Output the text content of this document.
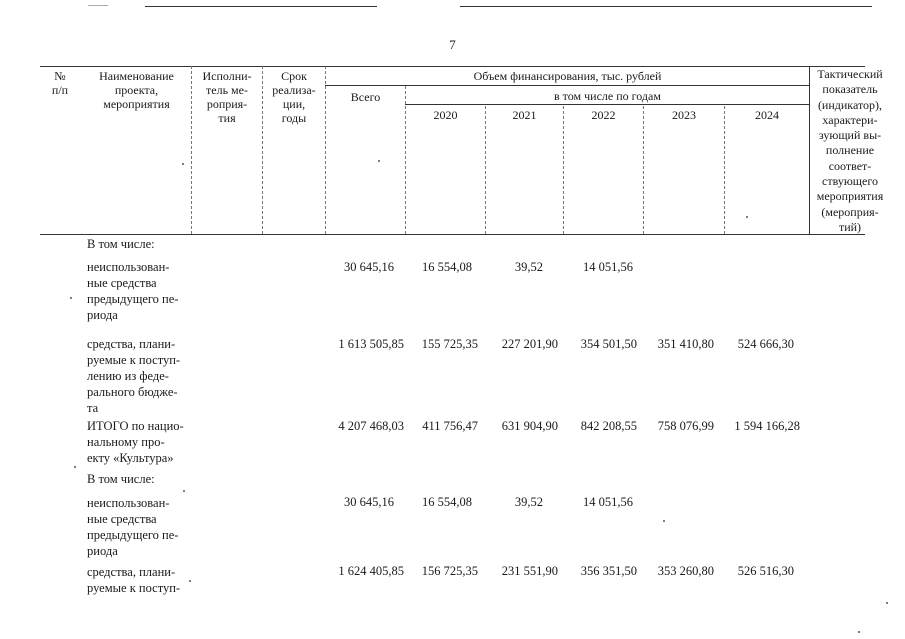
7
№
п/п
Наименование
проекта,
мероприятия
Исполни-
тель ме-
роприя-
тия
Срок
реализа-
ции,
годы
Объем финансирования, тыс. рублей
Всего	в том числе по годам
2020	2021	2022	2023	2024
Тактический
показатель
(индикатор),
характери-
зующий вы-
полнение
соответ-
ствующего
мероприятия
(мероприя-
тий)
В том числе:
неиспользован-
ные средства
предыдущего пе-
риода
30 645,16	16 554,08	39,52	14 051,56
средства, плани-
руемые к поступ-
лению из феде-
рального бюдже-
та
1 613 505,85	155 725,35	227 201,90	354 501,50	351 410,80	524 666,30
ИТОГО по нацио-
нальному про-
екту «Культура»
4 207 468,03	411 756,47	631 904,90	842 208,55	758 076,99	1 594 166,28
В том числе:
неиспользован-
ные средства
предыдущего пе-
риода
30 645,16	16 554,08	39,52	14 051,56
средства, плани-
руемые к поступ-
1 624 405,85	156 725,35	231 551,90	356 351,50	353 260,80	526 516,30
